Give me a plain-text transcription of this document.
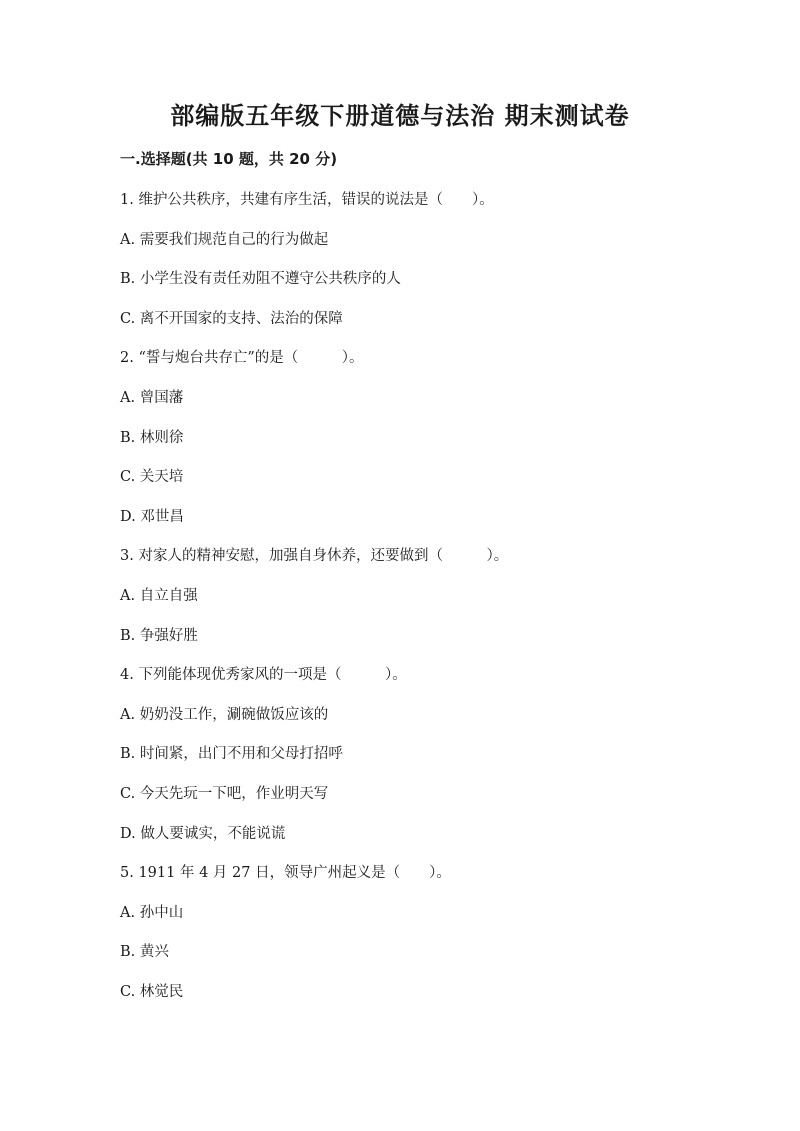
部编版五年级下册道德与法治 期末测试卷
一.选择题(共 10 题，共 20 分)
1. 维护公共秩序，共建有序生活，错误的说法是（　　）。
A. 需要我们规范自己的行为做起
B. 小学生没有责任劝阻不遵守公共秩序的人
C. 离不开国家的支持、法治的保障
2. “誓与炮台共存亡”的是（　　　）。
A. 曾国藩
B. 林则徐
C. 关天培
D. 邓世昌
3. 对家人的精神安慰，加强自身休养，还要做到（　　　）。
A. 自立自强
B. 争强好胜
4. 下列能体现优秀家风的一项是（　　　）。
A. 奶奶没工作，涮碗做饭应该的
B. 时间紧，出门不用和父母打招呼
C. 今天先玩一下吧，作业明天写
D. 做人要诚实，不能说谎
5. 1911 年 4 月 27 日，领导广州起义是（　　）。
A. 孙中山
B. 黄兴
C. 林觉民
